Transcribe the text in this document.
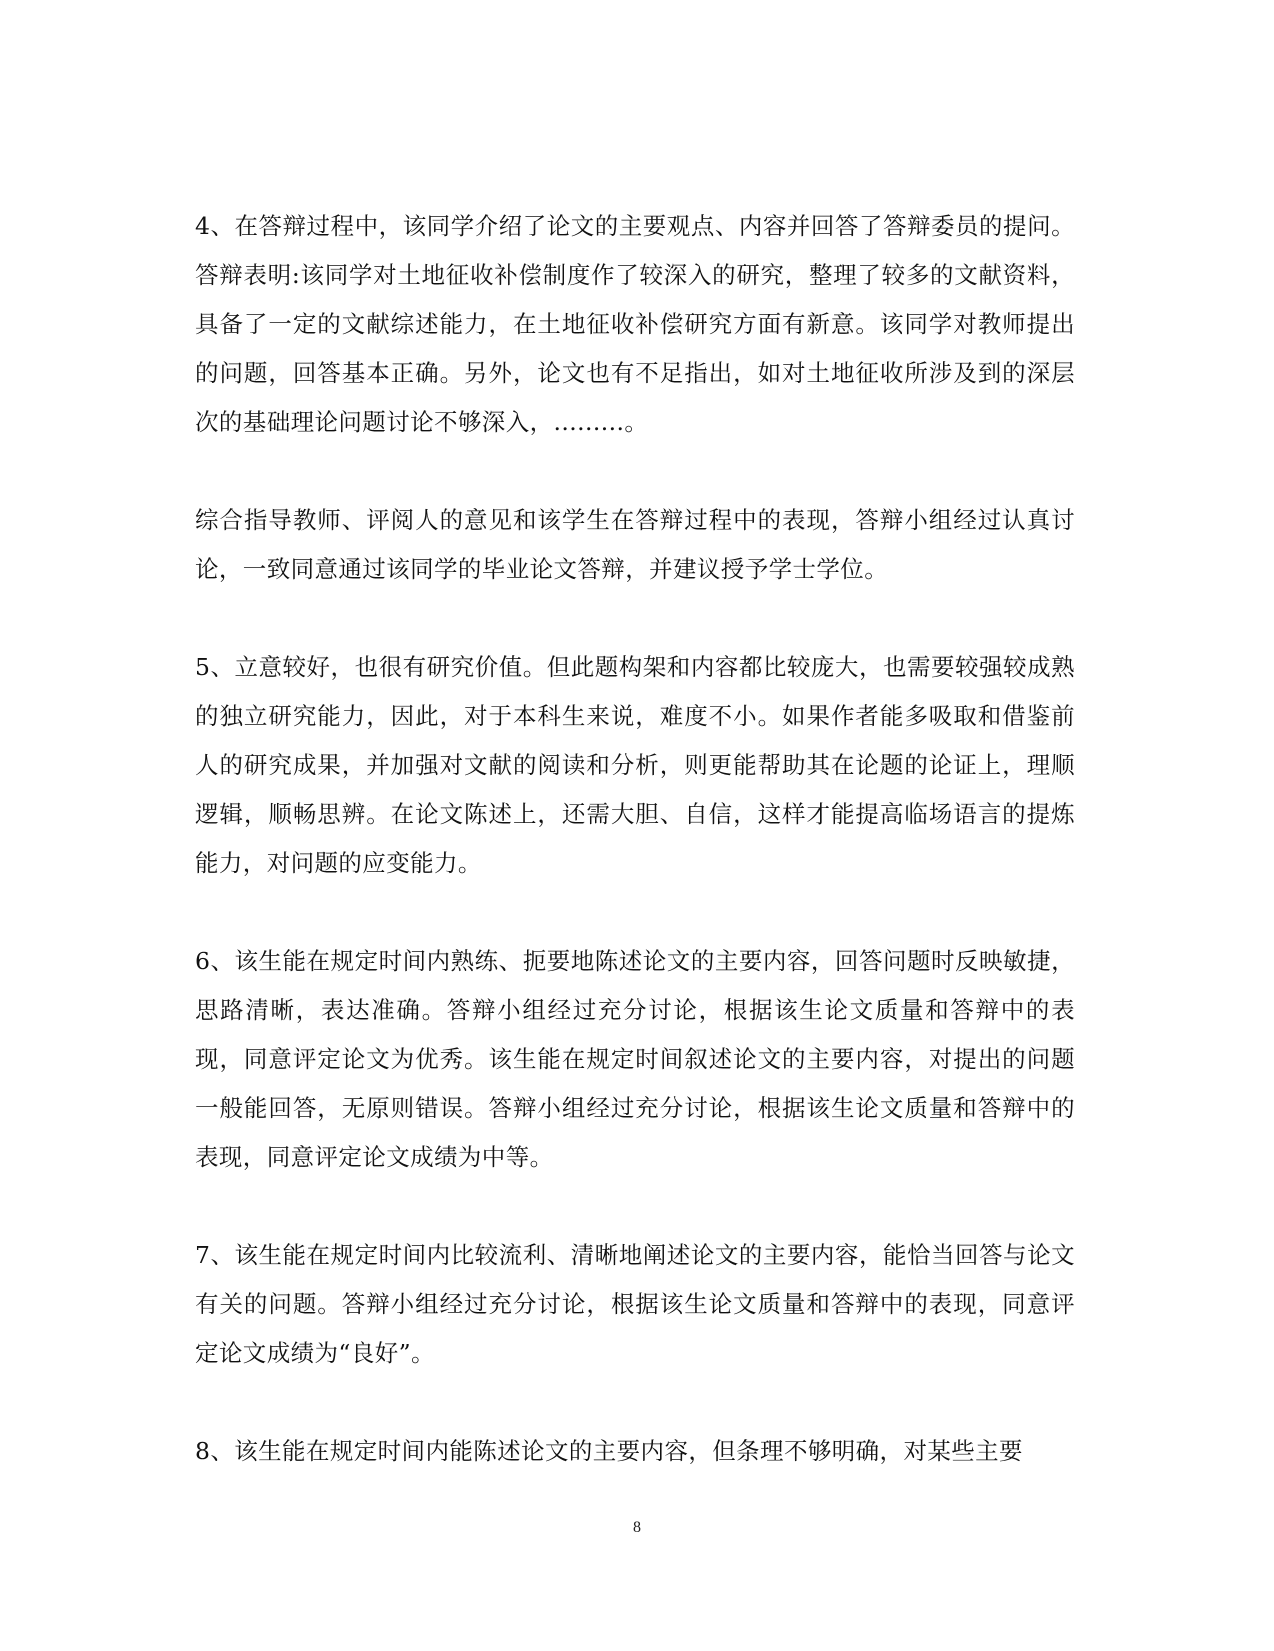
4、在答辩过程中，该同学介绍了论文的主要观点、内容并回答了答辩委员的提问。答辩表明:该同学对土地征收补偿制度作了较深入的研究，整理了较多的文献资料，具备了一定的文献综述能力，在土地征收补偿研究方面有新意。该同学对教师提出的问题，回答基本正确。另外，论文也有不足指出，如对土地征收所涉及到的深层次的基础理论问题讨论不够深入，.........。

综合指导教师、评阅人的意见和该学生在答辩过程中的表现，答辩小组经过认真讨论，一致同意通过该同学的毕业论文答辩，并建议授予学士学位。

5、立意较好，也很有研究价值。但此题构架和内容都比较庞大，也需要较强较成熟的独立研究能力，因此，对于本科生来说，难度不小。如果作者能多吸取和借鉴前人的研究成果，并加强对文献的阅读和分析，则更能帮助其在论题的论证上，理顺逻辑，顺畅思辨。在论文陈述上，还需大胆、自信，这样才能提高临场语言的提炼能力，对问题的应变能力。

6、该生能在规定时间内熟练、扼要地陈述论文的主要内容，回答问题时反映敏捷，思路清晰，表达准确。答辩小组经过充分讨论，根据该生论文质量和答辩中的表现，同意评定论文为优秀。该生能在规定时间叙述论文的主要内容，对提出的问题一般能回答，无原则错误。答辩小组经过充分讨论，根据该生论文质量和答辩中的表现，同意评定论文成绩为中等。

7、该生能在规定时间内比较流利、清晰地阐述论文的主要内容，能恰当回答与论文有关的问题。答辩小组经过充分讨论，根据该生论文质量和答辩中的表现，同意评定论文成绩为“良好”。

8、该生能在规定时间内能陈述论文的主要内容，但条理不够明确，对某些主要

8
